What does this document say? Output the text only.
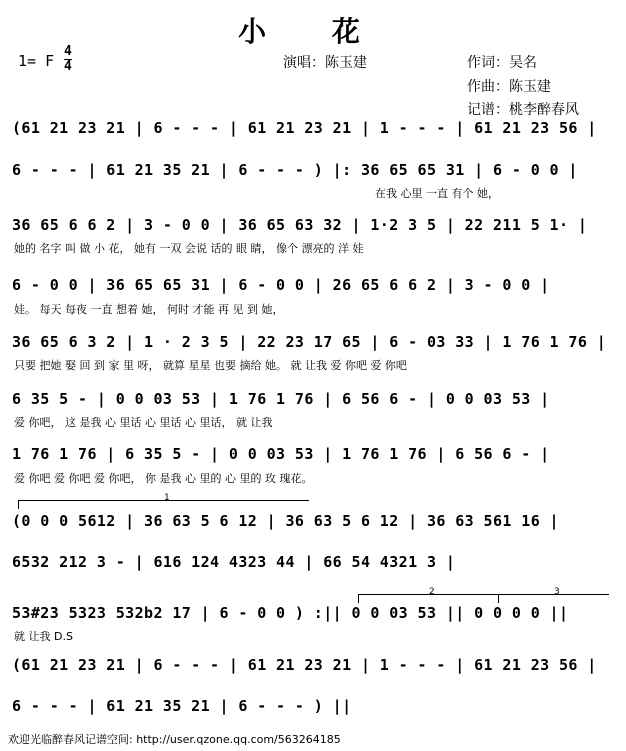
小 花
演唱：陈玉建	作词：吴名
作曲：陈玉建
记谱：桃李醉春风
1= F
4
4
(61 21 23 21 | 6 - - - | 61 21 23 21 | 1 - - - | 61 21 23 56 |
6 - - - | 61 21 35 21 | 6 - - - ) |: 36 65 65 31 | 6 - 0 0 |
在我 心里 一直 有个 她，
36 65 6 6 2 | 3 - 0 0 | 36 65 63 32 | 1·2 3 5 | 22 211 5 1· |
她的 名字 叫 做 小 花， 她有 一双 会说 话的 眼 睛， 像个 漂亮的 洋 娃
6 - 0 0 | 36 65 65 31 | 6 - 0 0 | 26 65 6 6 2 | 3 - 0 0 |
娃。 每天 每夜 一直 想着 她， 何时 才能 再 见 到 她，
36 65 6 3 2 | 1 · 2 3 5 | 22 23 17 65 | 6 - 03 33 | 1 76 1 76 |
只要 把她 娶 回 到 家 里 呀， 就算 星星 也要 摘给 她。 就 让我 爱 你吧 爱 你吧
6 35 5 - | 0 0 03 53 | 1 76 1 76 | 6 56 6 - | 0 0 03 53 |
爱 你吧， 这 是我 心 里话 心 里话 心 里话， 就 让我
1 76 1 76 | 6 35 5 - | 0 0 03 53 | 1 76 1 76 | 6 56 6 - |
爱 你吧 爱 你吧 爱 你吧， 你 是我 心 里的 心 里的 玫 瑰花。
1
(0 0 0 5612 | 36 63 5 6 12 | 36 63 5 6 12 | 36 63 561 16 |
6532 212 3 - | 616 124 4323 44 | 66 54 4321 3 |
2	3
53#23 5323 532b2 17 | 6 - 0 0 ) :|| 0 0 03 53 || 0 0 0 0 ||
就 让我 D.S
(61 21 23 21 | 6 - - - | 61 21 23 21 | 1 - - - | 61 21 23 56 |
6 - - - | 61 21 35 21 | 6 - - - ) ||
欢迎光临醉春风记谱空间: http://user.qzone.qq.com/563264185
